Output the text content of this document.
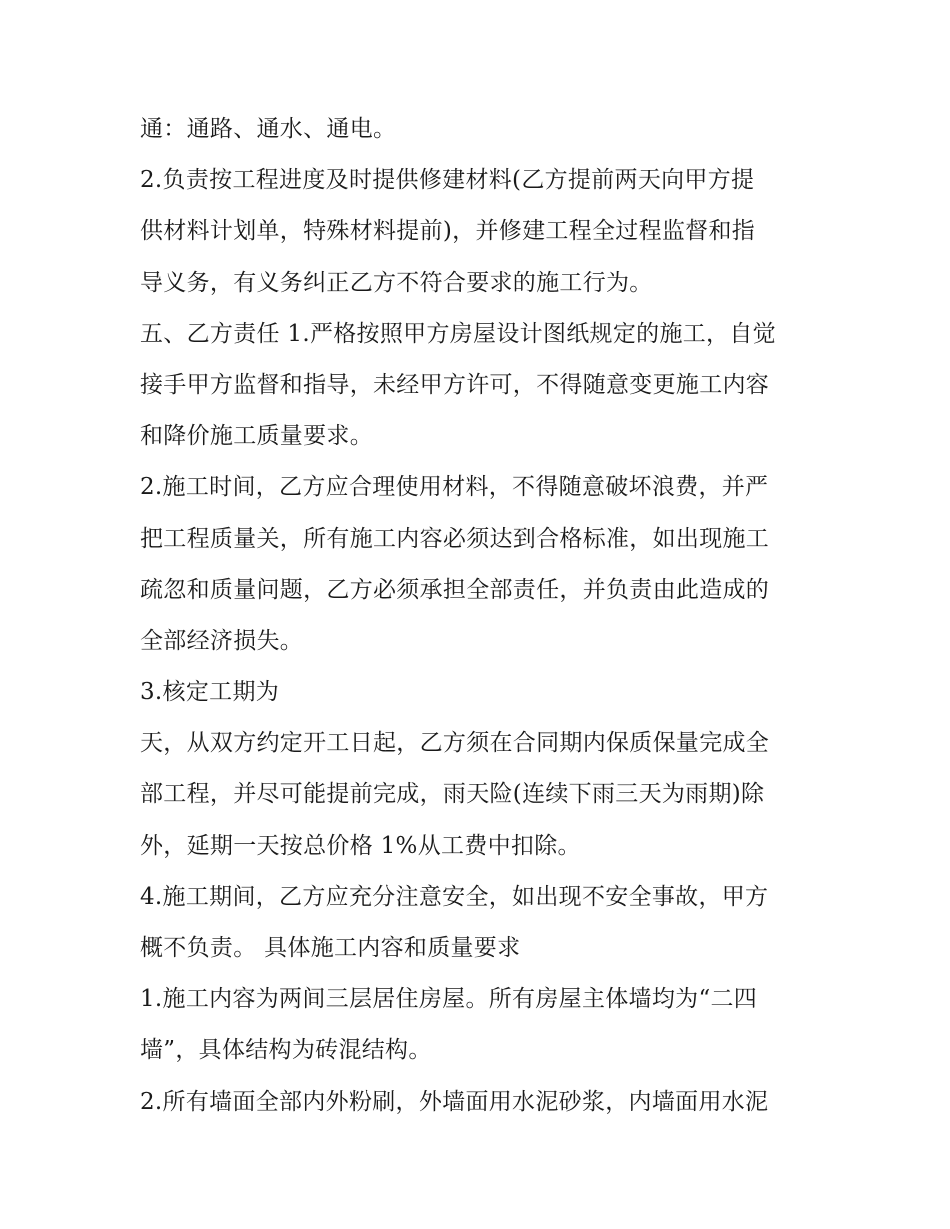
通：通路、通水、通电。
2.负责按工程进度及时提供修建材料(乙方提前两天向甲方提
供材料计划单，特殊材料提前)，并修建工程全过程监督和指
导义务，有义务纠正乙方不符合要求的施工行为。
五、乙方责任 1.严格按照甲方房屋设计图纸规定的施工，自觉
接手甲方监督和指导，未经甲方许可，不得随意变更施工内容
和降价施工质量要求。
2.施工时间，乙方应合理使用材料，不得随意破坏浪费，并严
把工程质量关，所有施工内容必须达到合格标准，如出现施工
疏忽和质量问题，乙方必须承担全部责任，并负责由此造成的
全部经济损失。
3.核定工期为
天，从双方约定开工日起，乙方须在合同期内保质保量完成全
部工程，并尽可能提前完成，雨天险(连续下雨三天为雨期)除
外，延期一天按总价格 1%从工费中扣除。
4.施工期间，乙方应充分注意安全，如出现不安全事故，甲方
概不负责。 具体施工内容和质量要求
1.施工内容为两间三层居住房屋。所有房屋主体墙均为“二四
墙”，具体结构为砖混结构。
2.所有墙面全部内外粉刷，外墙面用水泥砂浆，内墙面用水泥
